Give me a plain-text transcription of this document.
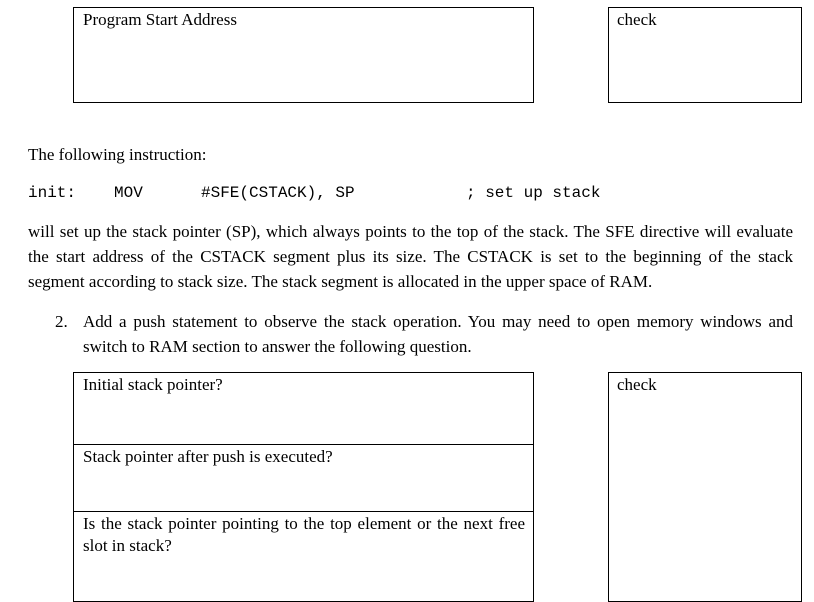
Program Start Address	check
The following instruction:
init: MOV	#SFE(CSTACK), SP	; set up stack
will set up the stack pointer (SP), which always points to the top of the stack. The SFE directive will evaluate the start address of the CSTACK segment plus its size. The CSTACK is set to the beginning of the stack segment according to stack size. The stack segment is allocated in the upper space of RAM.
2. Add a push statement to observe the stack operation. You may need to open memory windows and switch to RAM section to answer the following question.
Initial stack pointer?
Stack pointer after push is executed?
Is the stack pointer pointing to the top element or the next free slot in stack?
check
